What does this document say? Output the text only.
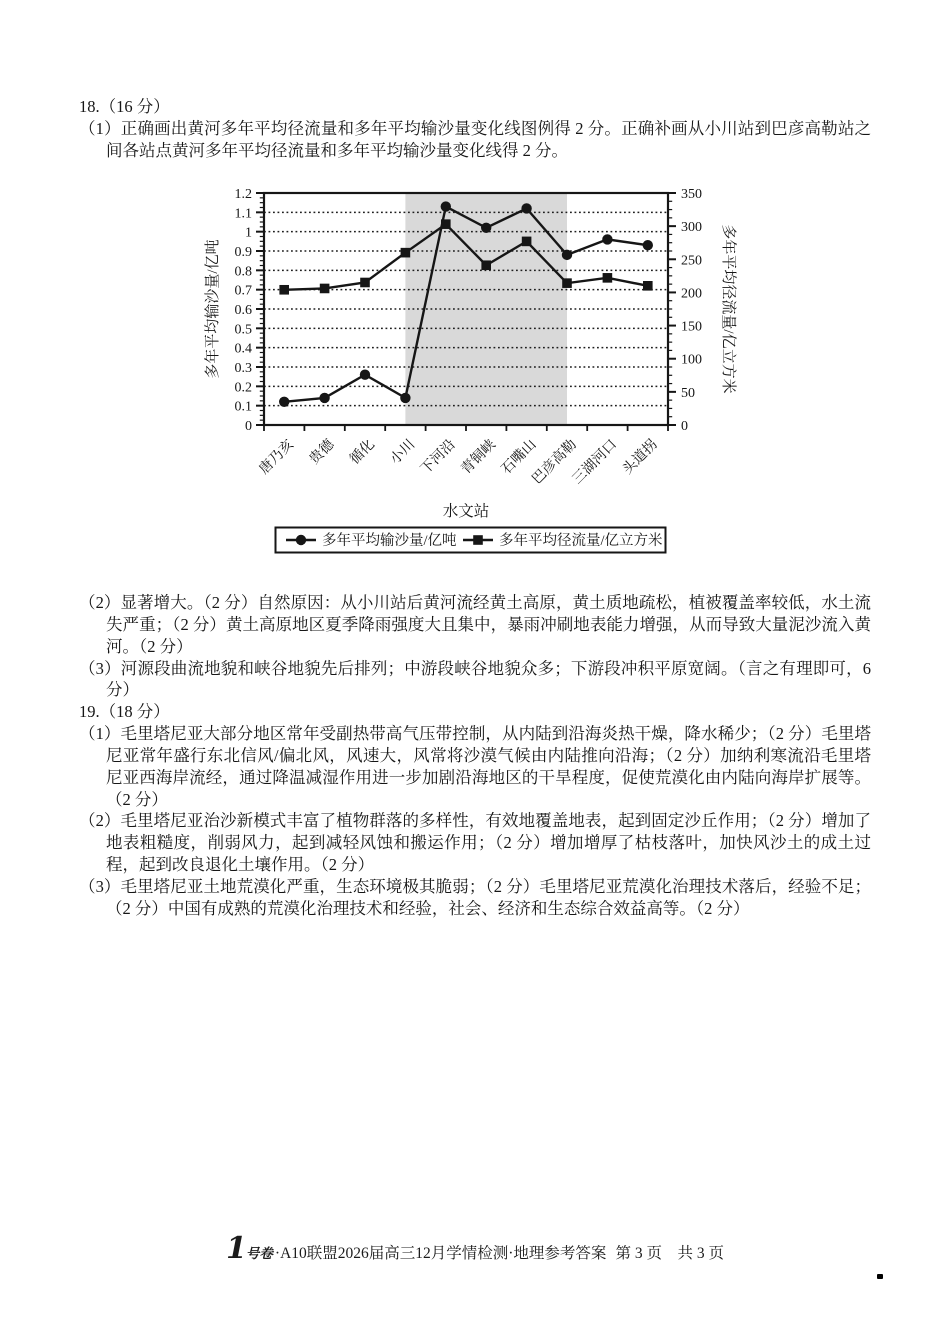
18.（16 分）

（1）正确画出黄河多年平均径流量和多年平均输沙量变化线图例得 2 分。正确补画从小川站到巴彦高勒站之间各站点黄河多年平均径流量和多年平均输沙量变化线得 2 分。

0
0.1
0.2
0.3
0.4
0.5
0.6
0.7
0.8
0.9
1
1.1
1.2
0
50
100
150
200
250
300
350
唐乃亥 贵德 循化 小川 下河沿 青铜峡 石嘴山
巴彦高勒
三湖河口 头道拐
多年平均输沙量/亿吨	多年平均径流量/亿立方米
水文站
多年平均输沙量/亿吨	多年平均径流量/亿立方米

（2）显著增大。（2 分）自然原因：从小川站后黄河流经黄土高原，黄土质地疏松，植被覆盖率较低，水土流失严重；（2 分）黄土高原地区夏季降雨强度大且集中，暴雨冲刷地表能力增强，从而导致大量泥沙流入黄河。（2 分）

（3）河源段曲流地貌和峡谷地貌先后排列；中游段峡谷地貌众多；下游段冲积平原宽阔。（言之有理即可，6 分）

19.（18 分）

（1）毛里塔尼亚大部分地区常年受副热带高气压带控制，从内陆到沿海炎热干燥，降水稀少；（2 分）毛里塔尼亚常年盛行东北信风/偏北风，风速大，风常将沙漠气候由内陆推向沿海；（2 分）加纳利寒流沿毛里塔尼亚西海岸流经，通过降温减湿作用进一步加剧沿海地区的干旱程度，促使荒漠化由内陆向海岸扩展等。（2 分）

（2）毛里塔尼亚治沙新模式丰富了植物群落的多样性，有效地覆盖地表，起到固定沙丘作用；（2 分）增加了地表粗糙度，削弱风力，起到减轻风蚀和搬运作用；（2 分）增加增厚了枯枝落叶，加快风沙土的成土过程，起到改良退化土壤作用。（2 分）

（3）毛里塔尼亚土地荒漠化严重，生态环境极其脆弱；（2 分）毛里塔尼亚荒漠化治理技术落后，经验不足；（2 分）中国有成熟的荒漠化治理技术和经验，社会、经济和生态综合效益高等。（2 分）

1 号卷 ·A10联盟2026届高三12月学情检测·地理参考答案 第 3 页　共 3 页
